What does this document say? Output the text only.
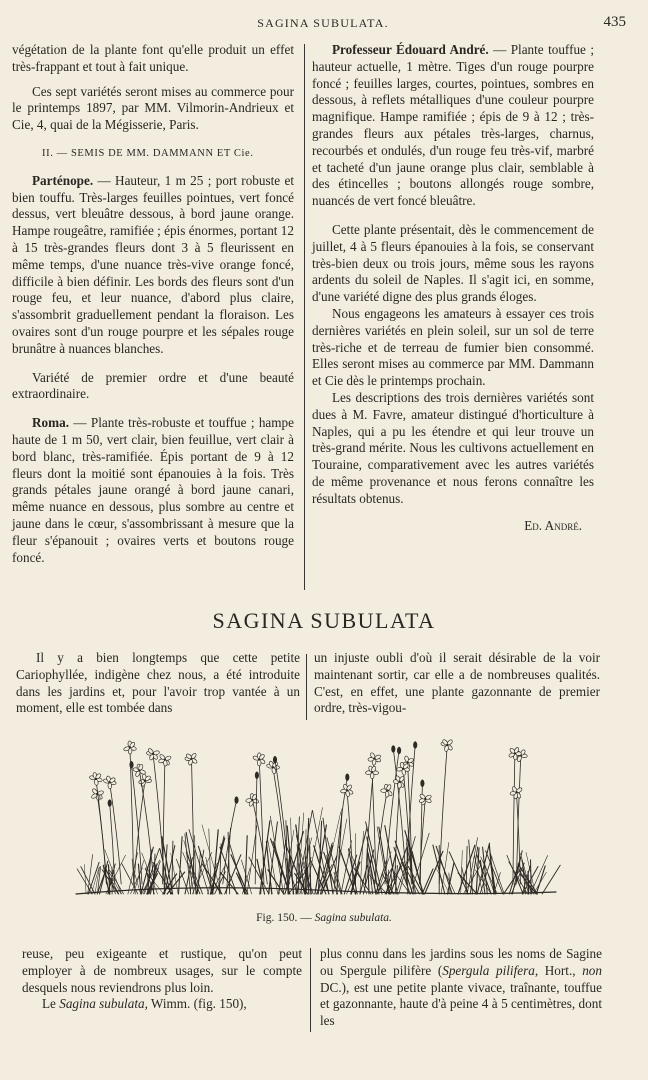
SAGINA SUBULATA.	435

végétation de la plante font qu'elle produit un effet très-frappant et tout à fait unique.

Ces sept variétés seront mises au commerce pour le printemps 1897, par MM. Vilmorin-Andrieux et Cie, 4, quai de la Mégisserie, Paris.

II. — SEMIS DE MM. DAMMANN ET Cie.

Parténope. — Hauteur, 1 m 25 ; port robuste et bien touffu. Très-larges feuilles pointues, vert foncé dessus, vert bleuâtre dessous, à bord jaune orange. Hampe rougeâtre, ramifiée ; épis énormes, portant 12 à 15 très-grandes fleurs dont 3 à 5 fleurissent en même temps, d'une nuance très-vive orange foncé, difficile à bien définir. Les bords des fleurs sont d'un rouge feu, et leur nuance, d'abord plus claire, s'assombrit graduellement pendant la floraison. Les ovaires sont d'un rouge pourpre et les sépales rouge brunâtre à nuances blanches.

Variété de premier ordre et d'une beauté extraordinaire.

Roma. — Plante très-robuste et touffue ; hampe haute de 1 m 50, vert clair, bien feuillue, vert clair à bord blanc, très-ramifiée. Épis portant de 9 à 12 fleurs dont la moitié sont épanouies à la fois. Très grands pétales jaune orangé à bord jaune canari, même nuance en dessous, plus sombre au centre et jaune dans le cœur, s'assombrissant à mesure que la fleur s'épanouit ; ovaires verts et boutons rouge foncé.

Professeur Édouard André. — Plante touffue ; hauteur actuelle, 1 mètre. Tiges d'un rouge pourpre foncé ; feuilles larges, courtes, pointues, sombres en dessous, à reflets métalliques d'une couleur pourpre magnifique. Hampe ramifiée ; épis de 9 à 12 ; très-grandes fleurs aux pétales très-larges, charnus, recourbés et ondulés, d'un rouge feu très-vif, marbré et tacheté d'un jaune orange plus clair, semblable à des étincelles ; boutons allongés rouge sombre, nuancés de vert foncé bleuâtre.

Cette plante présentait, dès le commencement de juillet, 4 à 5 fleurs épanouies à la fois, se conservant très-bien deux ou trois jours, même sous les rayons ardents du soleil de Naples. Il s'agit ici, en somme, d'une variété digne des plus grands éloges.

Nous engageons les amateurs à essayer ces trois dernières variétés en plein soleil, sur un sol de terre très-riche et de terreau de fumier bien consommé. Elles seront mises au commerce par MM. Dammann et Cie dès le printemps prochain.

Les descriptions des trois dernières variétés sont dues à M. Favre, amateur distingué d'horticulture à Naples, qui a pu les étendre et qui leur trouve un très-grand mérite. Nous les cultivons actuellement en Touraine, comparativement avec les autres variétés de même provenance et nous ferons connaître les résultats obtenus.

Ed. André.
SAGINA SUBULATA

Il y a bien longtemps que cette petite Cariophyllée, indigène chez nous, a été introduite dans les jardins et, pour l'avoir trop vantée à un moment, elle est tombée dans

un injuste oubli d'où il serait désirable de la voir maintenant sortir, car elle a de nombreuses qualités. C'est, en effet, une plante gazonnante de premier ordre, très-vigou-

Fig. 150. — Sagina subulata.

reuse, peu exigeante et rustique, qu'on peut employer à de nombreux usages, sur le compte desquels nous reviendrons plus loin.

Le Sagina subulata, Wimm. (fig. 150),

plus connu dans les jardins sous les noms de Sagine ou Spergule pilifère (Spergula pilifera, Hort., non DC.), est une petite plante vivace, traînante, touffue et gazonnante, haute d'à peine 4 à 5 centimètres, dont les
